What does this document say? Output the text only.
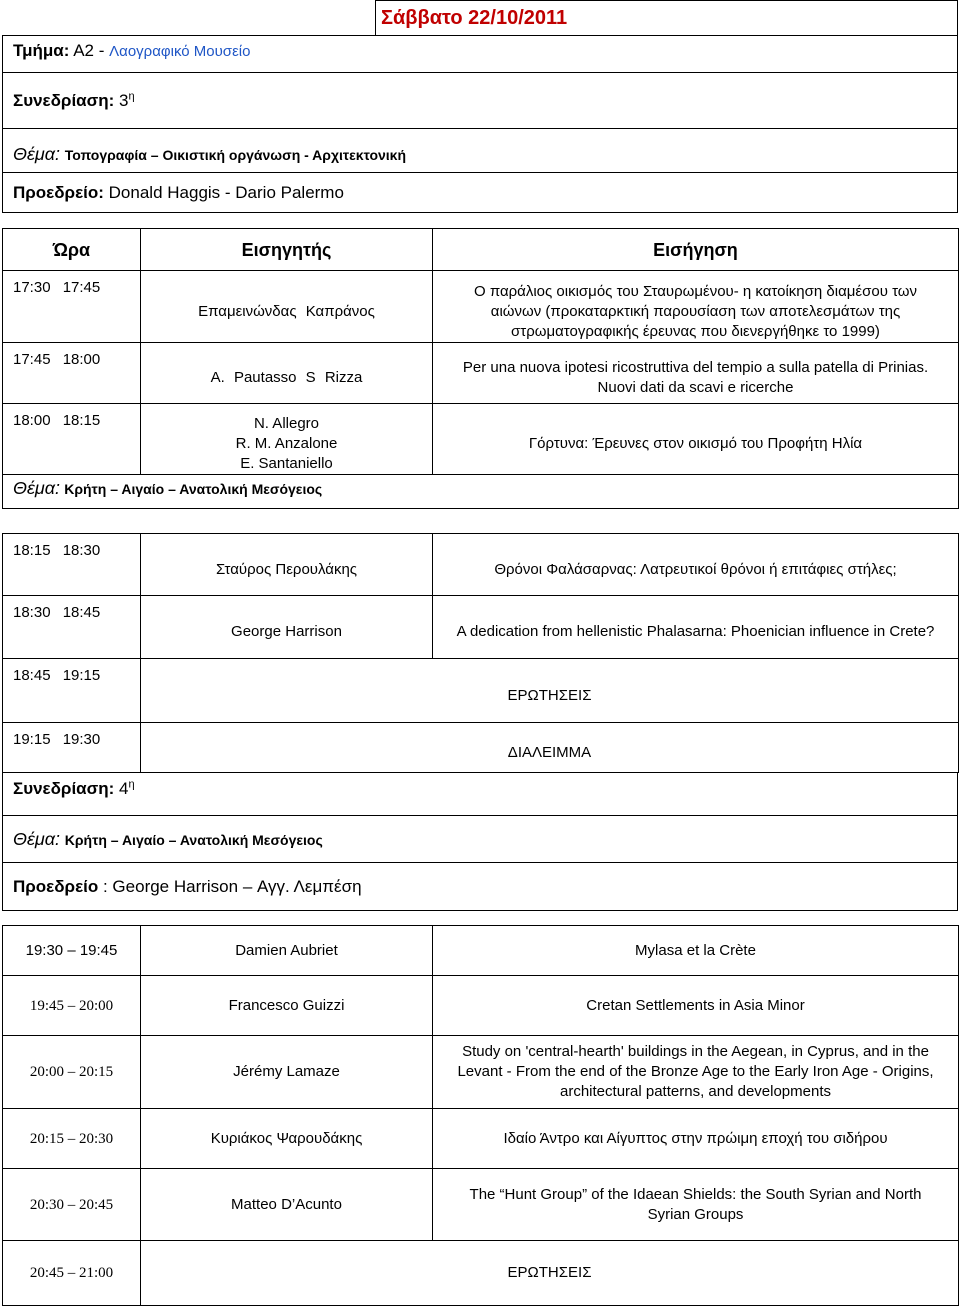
Σάββατο 22/10/2011
Τμήμα: Α2 - Λαογραφικό Μουσείο
Συνεδρίαση: $3^\eta$
Θέμα: Τοπογραφία – Οικιστική οργάνωση - Αρχιτεκτονική
Προεδρείο: Donald Haggis - Dario Palermo
Ώρα	Εισηγητής	Εισήγηση
17:30 17:45	Επαμεινώνδας Καπράνος	Ο παράλιος οικισμός του Σταυρωμένου- η κατοίκηση διαμέσου των
αιώνων (προκαταρκτική παρουσίαση των αποτελεσμάτων της
στρωματογραφικής έρευνας που διενεργήθηκε το 1999)

17:45 18:00	A. Pautasso S Rizza	Per una nuova ipotesi ricostruttiva del tempio a sulla patella di Prinias.
Nuovi dati da scavi e ricerche

18:00 18:15	N. Allegro
R. M. Anzalone
E. Santaniello	Γόρτυνα: Έρευνες στον οικισμό του Προφήτη Ηλία

Θέμα: Κρήτη – Αιγαίο – Ανατολική Μεσόγειος		
18:15 18:30	Σταύρος Περουλάκης	Θρόνοι Φαλάσαρνας: Λατρευτικοί θρόνοι ή επιτάφιες στήλες;
18:30 18:45	George Harrison	A dedication from hellenistic Phalasarna: Phoenician influence in Crete?
18:45 19:15	ΕΡΩΤΗΣΕΙΣ	
19:15 19:30	ΔΙΑΛΕΙΜΜΑ	
Συνεδρίαση: $4^\eta$
Θέμα: Κρήτη – Αιγαίο – Ανατολική Μεσόγειος
Προεδρείο : George Harrison – Αγγ. Λεμπέση
19:30 – 19:45	Damien Aubriet	Mylasa et la Crète

19:45 – 20:00	Francesco Guizzi	Cretan Settlements in Asia Minor

20:00 – 20:15	Jérémy Lamaze	Study on 'central-hearth' buildings in the Aegean, in Cyprus, and in the
Levant - From the end of the Bronze Age to the Early Iron Age - Origins,
architectural patterns, and developments

20:15 – 20:30	Κυριάκος Ψαρουδάκης	Ιδαίο Άντρο και Αίγυπτος στην πρώιμη εποχή του σιδήρου

20:30 – 20:45	Matteo D’Acunto	The “Hunt Group” of the Idaean Shields: the South Syrian and North
Syrian Groups

20:45 – 21:00	ΕΡΩΤΗΣΕΙΣ	
